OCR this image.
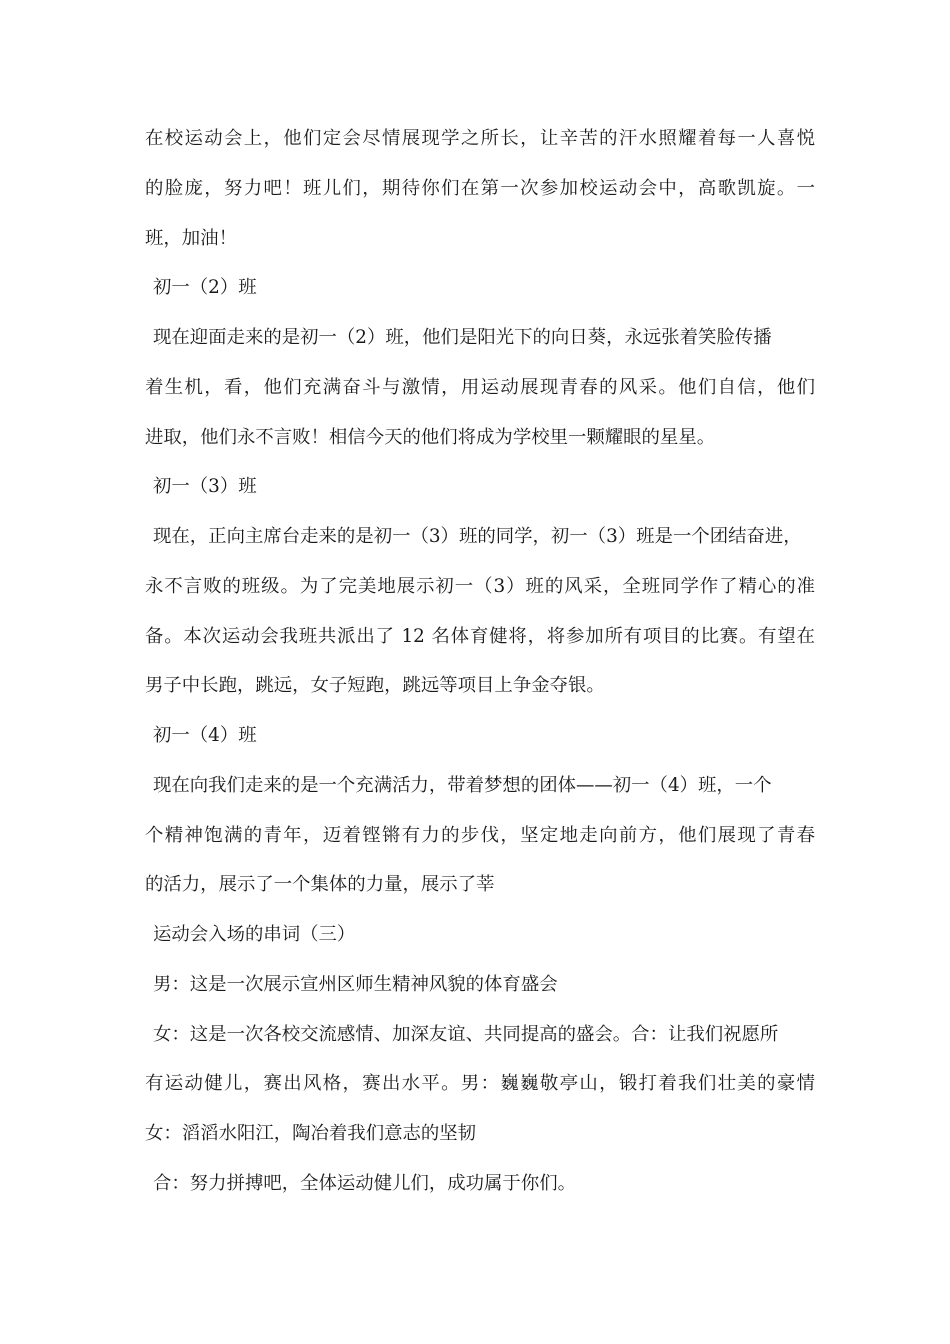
在校运动会上，他们定会尽情展现学之所长，让辛苦的汗水照耀着每一人喜悦
的脸庞，努力吧！班儿们，期待你们在第一次参加校运动会中，高歌凯旋。一
班，加油！
初一（2）班
现在迎面走来的是初一（2）班，他们是阳光下的向日葵，永远张着笑脸传播
着生机，看，他们充满奋斗与激情，用运动展现青春的风采。他们自信，他们
进取，他们永不言败！相信今天的他们将成为学校里一颗耀眼的星星。
初一（3）班
现在，正向主席台走来的是初一（3）班的同学，初一（3）班是一个团结奋进，
永不言败的班级。为了完美地展示初一（3）班的风采，全班同学作了精心的准
备。本次运动会我班共派出了 12 名体育健将，将参加所有项目的比赛。有望在
男子中长跑，跳远，女子短跑，跳远等项目上争金夺银。
初一（4）班
现在向我们走来的是一个充满活力，带着梦想的团体——初一（4）班，一个
个精神饱满的青年，迈着铿锵有力的步伐，坚定地走向前方，他们展现了青春
的活力，展示了一个集体的力量，展示了莘
运动会入场的串词（三）
男：这是一次展示宣州区师生精神风貌的体育盛会
女：这是一次各校交流感情、加深友谊、共同提高的盛会。合：让我们祝愿所
有运动健儿，赛出风格，赛出水平。男：巍巍敬亭山，锻打着我们壮美的豪情
女：滔滔水阳江，陶冶着我们意志的坚韧
合：努力拼搏吧，全体运动健儿们，成功属于你们。
